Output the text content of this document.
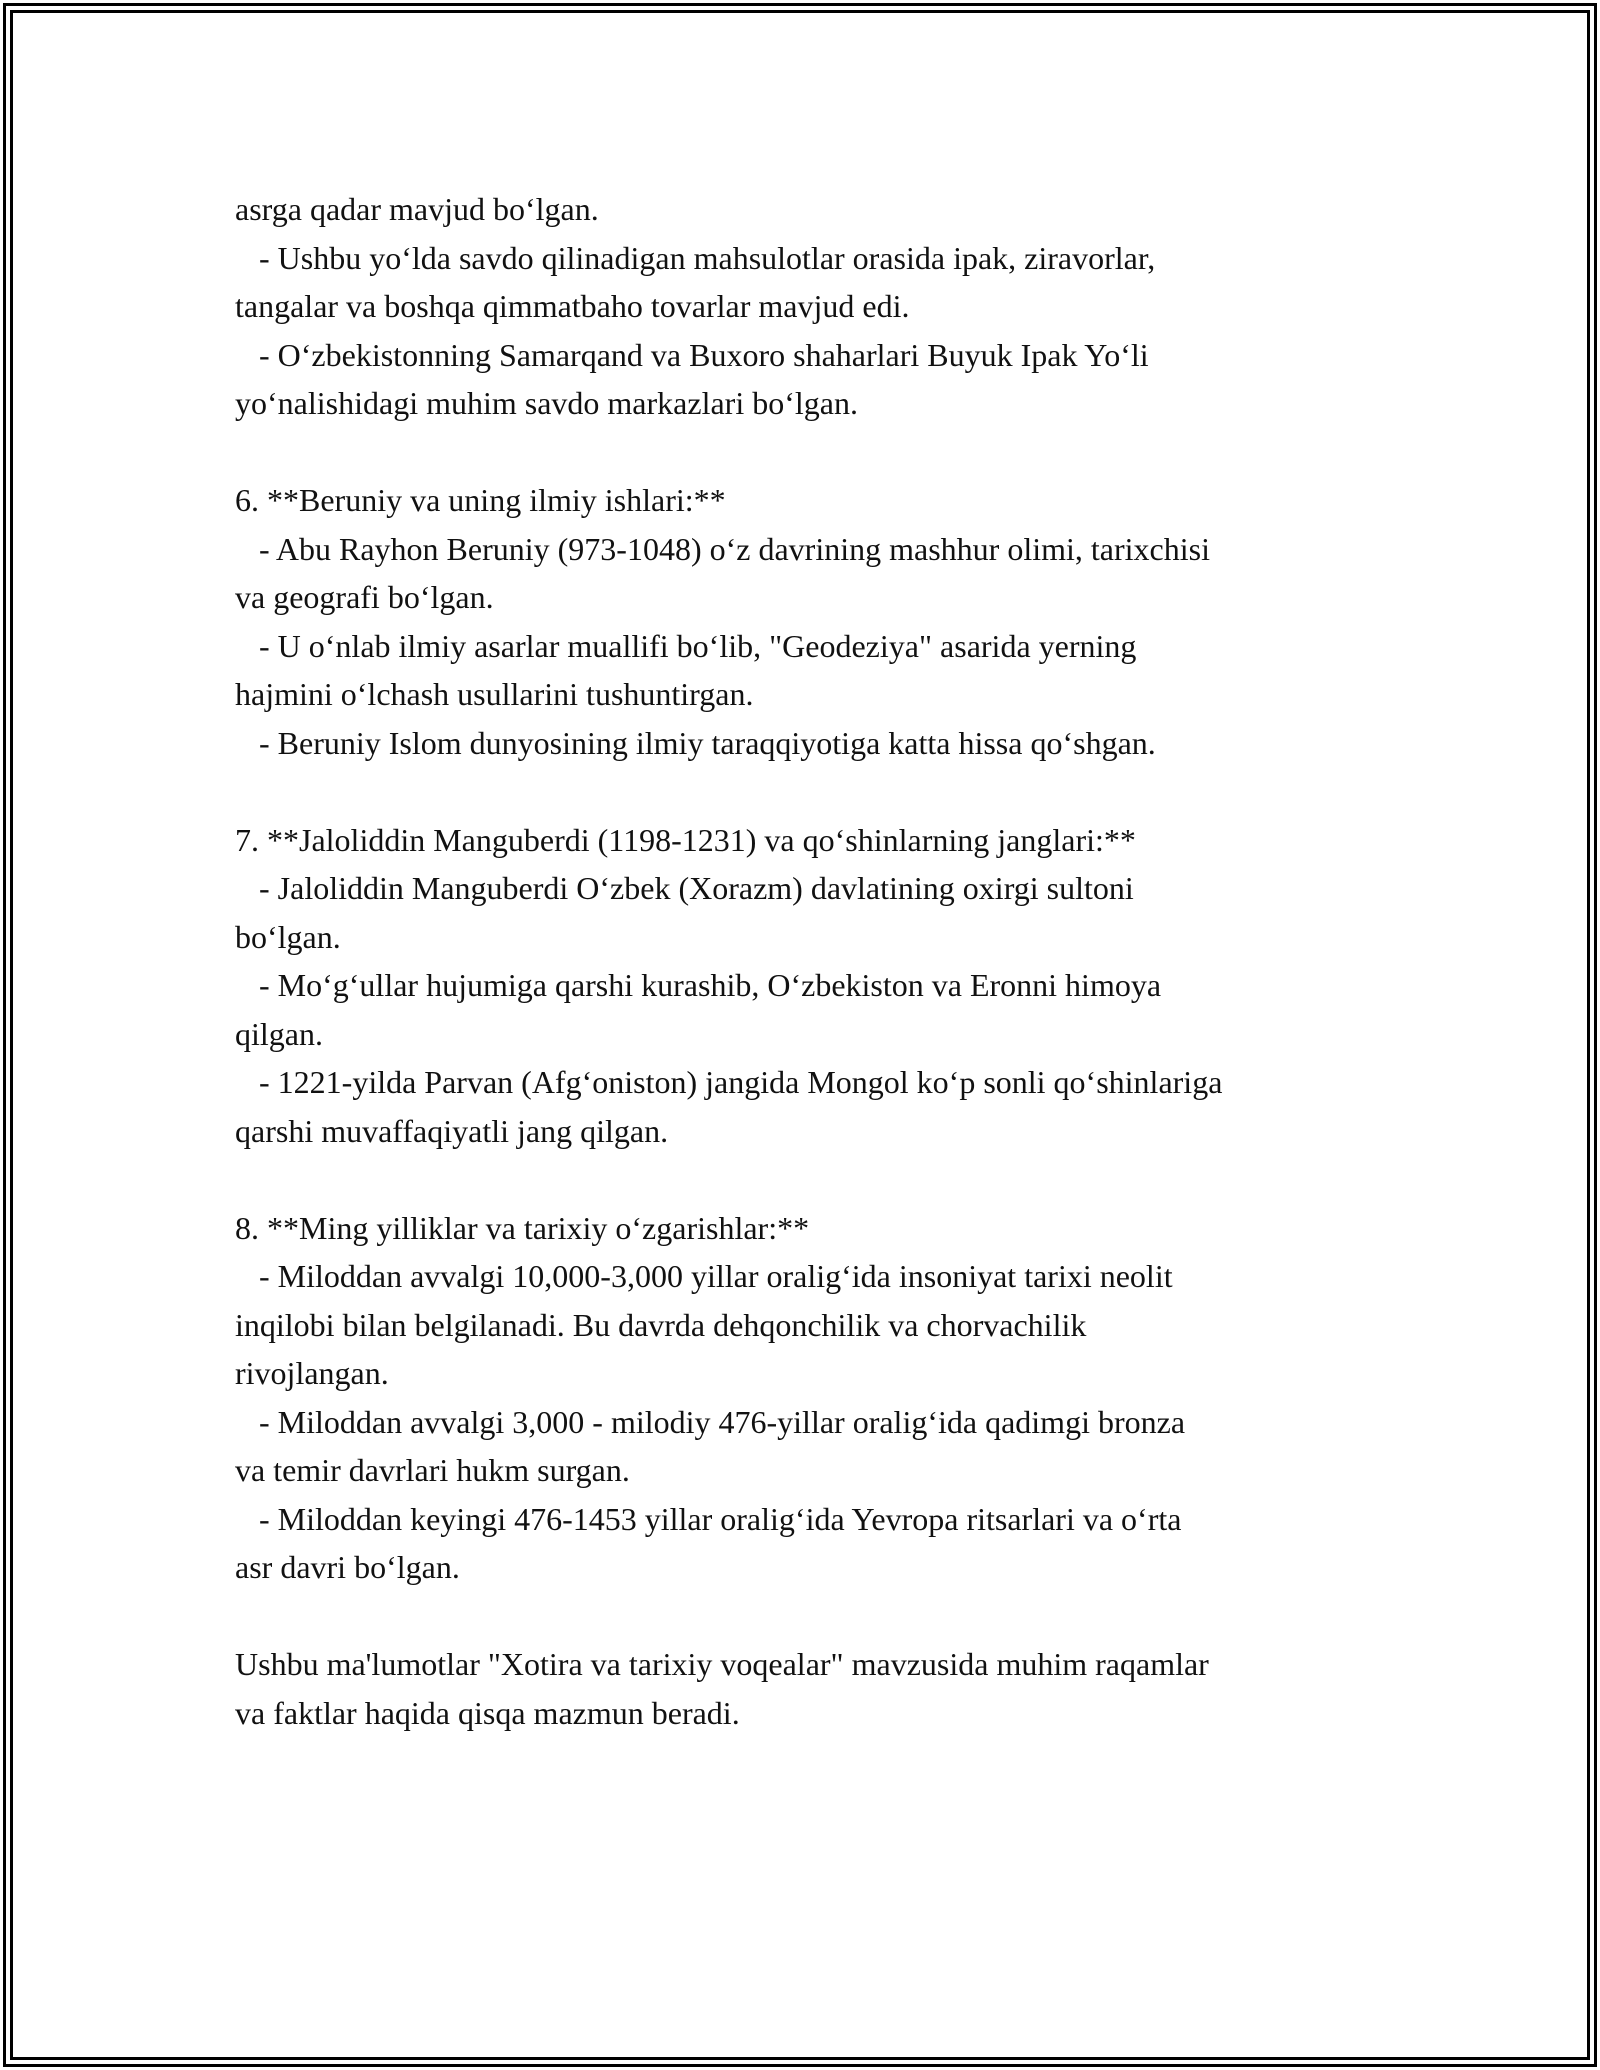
asrga qadar mavjud bo‘lgan.
- Ushbu yo‘lda savdo qilinadigan mahsulotlar orasida ipak, ziravorlar,
tangalar va boshqa qimmatbaho tovarlar mavjud edi.
- O‘zbekistonning Samarqand va Buxoro shaharlari Buyuk Ipak Yo‘li
yo‘nalishidagi muhim savdo markazlari bo‘lgan.
6. **Beruniy va uning ilmiy ishlari:**
- Abu Rayhon Beruniy (973-1048) o‘z davrining mashhur olimi, tarixchisi
va geografi bo‘lgan.
- U o‘nlab ilmiy asarlar muallifi bo‘lib, "Geodeziya" asarida yerning
hajmini o‘lchash usullarini tushuntirgan.
- Beruniy Islom dunyosining ilmiy taraqqiyotiga katta hissa qo‘shgan.
7. **Jaloliddin Manguberdi (1198-1231) va qo‘shinlarning janglari:**
- Jaloliddin Manguberdi O‘zbek (Xorazm) davlatining oxirgi sultoni
bo‘lgan.
- Mo‘g‘ullar hujumiga qarshi kurashib, O‘zbekiston va Eronni himoya
qilgan.
- 1221-yilda Parvan (Afg‘oniston) jangida Mongol ko‘p sonli qo‘shinlariga
qarshi muvaffaqiyatli jang qilgan.
8. **Ming yilliklar va tarixiy o‘zgarishlar:**
- Miloddan avvalgi 10,000-3,000 yillar oralig‘ida insoniyat tarixi neolit
inqilobi bilan belgilanadi. Bu davrda dehqonchilik va chorvachilik
rivojlangan.
- Miloddan avvalgi 3,000 - milodiy 476-yillar oralig‘ida qadimgi bronza
va temir davrlari hukm surgan.
- Miloddan keyingi 476-1453 yillar oralig‘ida Yevropa ritsarlari va o‘rta
asr davri bo‘lgan.
Ushbu ma'lumotlar "Xotira va tarixiy voqealar" mavzusida muhim raqamlar
va faktlar haqida qisqa mazmun beradi.
